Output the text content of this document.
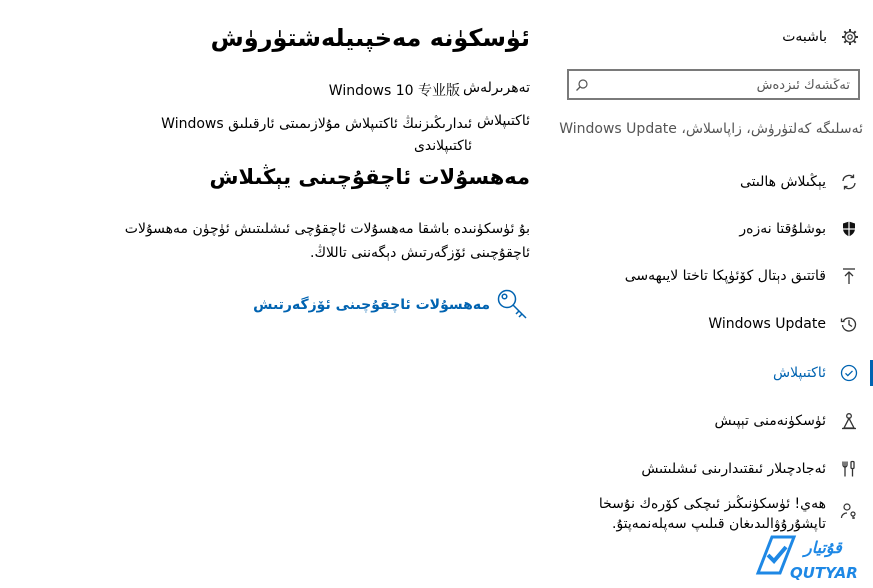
باشبەت
تەڭشەك ئىزدەش
ئەسلىگە كەلتۈرۈش، زاپاسلاش، Windows Update
يېڭىلاش ھالىتى
بوشلۇقتا نەزەر
قاتتىق دېتال كۆئۈپكا تاختا لايىھەسى
Windows Update
ئاكتىپلاش
ئۈسكۈنەمنى تېپىش
ئەجادچىلار ئىقتىدارىنى ئىشلىتىش
ھەي! ئۈسكۈنىڭىز ئىچكى كۆرەك نۇسخا تاپشۇرۇۋالىدىغان قىلىپ سەپلەنمەپتۇ.
ئۈسكۈنە مەخپىيلەشتۈرۈش
تەھرىرلەش
Windows 10 专业版
ئاكتىپلاش
ئىدارىڭىزنىڭ ئاكتىپلاش مۇلازىمىتى ئارقىلىق Windows ئاكتىپلاندى
مەھسۇلات ئاچقۇچىنى يېڭىلاش
بۇ ئۈسكۈنىدە باشقا مەھسۇلات ئاچقۇچى ئىشلىتىش ئۈچۈن مەھسۇلات ئاچقۇچىنى ئۆزگەرتىش دېگەننى تاللاڭ.
مەھسۇلات ئاچقۇچىنى ئۆزگەرتىش
قۇتيار
QUTYAR
